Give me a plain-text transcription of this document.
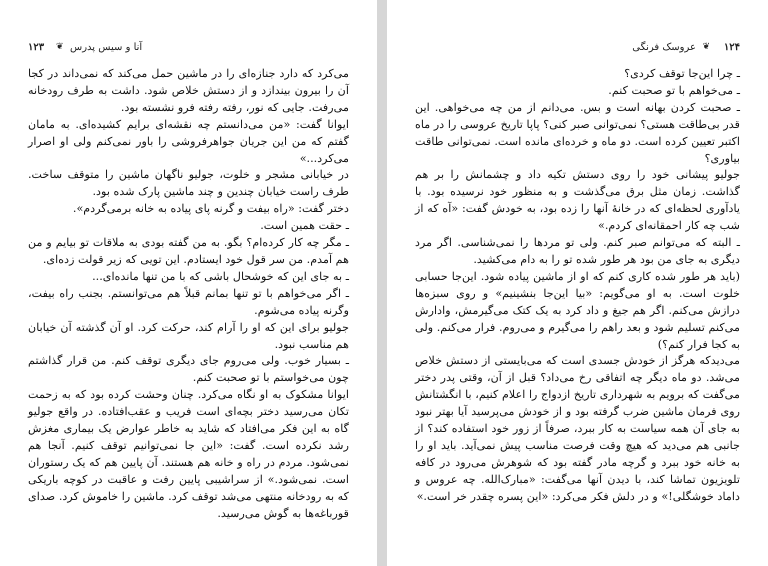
۱۲۳ ❦ آنا و سیس پدرس

می‌کرد که دارد جنازه‌ای را در ماشین حمل می‌کند که نمی‌داند در کجا آن را بیرون بیندازد و از دستش خلاص شود. داشت به طرف رودخانه می‌رفت. جایی که نور، رفته رفته فرو نشسته بود.

ایوانا گفت: «من می‌دانستم چه نقشه‌ای برایم کشیده‌ای. به مامان گفتم که من این جریان جواهرفروشی را باور نمی‌کنم ولی او اصرار می‌کرد...»

در خیابانی مشجر و خلوت، جولیو ناگهان ماشین را متوقف ساخت. طرف راست خیابان چندین و چند ماشین پارک شده بود.

دختر گفت: «راه بیفت و گرنه پای پیاده به خانه برمی‌گردم».

ـ حقت همین است.

ـ مگر چه کار کرده‌ام؟ بگو. به من گفته بودی به ملاقات تو بیایم و من هم آمدم. من سر قول خود ایستادم. این تویی که زیر قولت زده‌ای.

ـ به جای این که خوشحال باشی که با من تنها مانده‌ای...

ـ اگر می‌خواهم با تو تنها بمانم قبلاً هم می‌توانستم. بجنب راه بیفت، وگرنه پیاده می‌شوم.

جولیو برای این که او را آرام کند، حرکت کرد. او آن گذشته آن خیابان هم مناسب نبود.

ـ بسیار خوب. ولی می‌روم جای دیگری توقف کنم. من قرار گذاشتم چون می‌خواستم با تو صحبت کنم.

ایوانا مشکوک به او نگاه می‌کرد. چنان وحشت کرده بود که به زحمت تکان می‌رسید دختر بچه‌ای است فریب و عقب‌افتاده. در واقع جولیو گاه به این فکر می‌افتاد که شاید به خاطر عوارض یک بیماری مغزش رشد نکرده است. گفت: «این جا نمی‌توانیم توقف کنیم. آنجا هم نمی‌شود. مردم در راه و خانه هم هستند. آن پایین هم که یک رستوران است. نمی‌شود.» از سراشیبی پایین رفت و عاقبت در کوچه باریکی که به رودخانه منتهی می‌شد توقف کرد. ماشین را خاموش کرد. صدای قورباغه‌ها به گوش می‌رسید.

۱۲۴
❦
عروسک فرنگی

ـ چرا این‌جا توقف کردی؟

ـ می‌خواهم با تو صحبت کنم.

ـ صحبت کردن بهانه است و بس. می‌دانم از من چه می‌خواهی. این قدر بی‌طاقت هستی؟ نمی‌توانی صبر کنی؟ پاپا تاریخ عروسی را در ماه اکتبر تعیین کرده است. دو ماه و خرده‌ای مانده است. نمی‌توانی طاقت بیاوری؟

جولیو پیشانی خود را روی دستش تکیه داد و چشمانش را بر هم گذاشت. زمان مثل برق می‌گذشت و به منظور خود نرسیده بود. با یادآوری لحظه‌ای که در خانهٔ آنها را زده بود، به خودش گفت: «آه که از شب چه کار احمقانه‌ای کردم.»

ـ البته که می‌توانم صبر کنم. ولی تو مردها را نمی‌شناسی. اگر مرد دیگری به جای من بود هر طور شده تو را به دام می‌کشید.

(باید هر طور شده کاری کنم که او از ماشین پیاده شود. این‌جا حسابی خلوت است. به او می‌گویم: «بیا این‌جا بنشینیم» و روی سبزه‌ها درازش می‌کنم. اگر هم جیغ و داد کرد به یک کتک می‌گیرمش، وادارش می‌کنم تسلیم شود و بعد راهم را می‌گیرم و می‌روم. فرار می‌کنم. ولی به کجا فرار کنم؟)

می‌دیدکه هرگز از خودش جسدی است که می‌بایستی از دستش خلاص می‌شد. دو ماه دیگر چه اتفاقی رخ می‌داد؟ قبل از آن، وقتی پدر دختر می‌گفت که برویم به شهرداری تاریخ ازدواج را اعلام کنیم، با انگشتانش روی فرمان ماشین ضرب گرفته بود و از خودش می‌پرسید آیا بهتر نبود به جای آن همه سیاست به کار ببرد، صرفاً از زور خود استفاده کند؟ از جانبی هم می‌دید که هیچ وقت فرصت مناسب پیش نمی‌آید. باید او را به خانه خود ببرد و گرچه مادر گفته بود که شوهرش می‌رود در کافه تلویزیون تماشا کند، با دیدن آنها می‌گفت: «مبارک‌الله. چه عروس و داماد خوشگلی!» و در دلش فکر می‌کرد: «این پسره چقدر خر است.»
